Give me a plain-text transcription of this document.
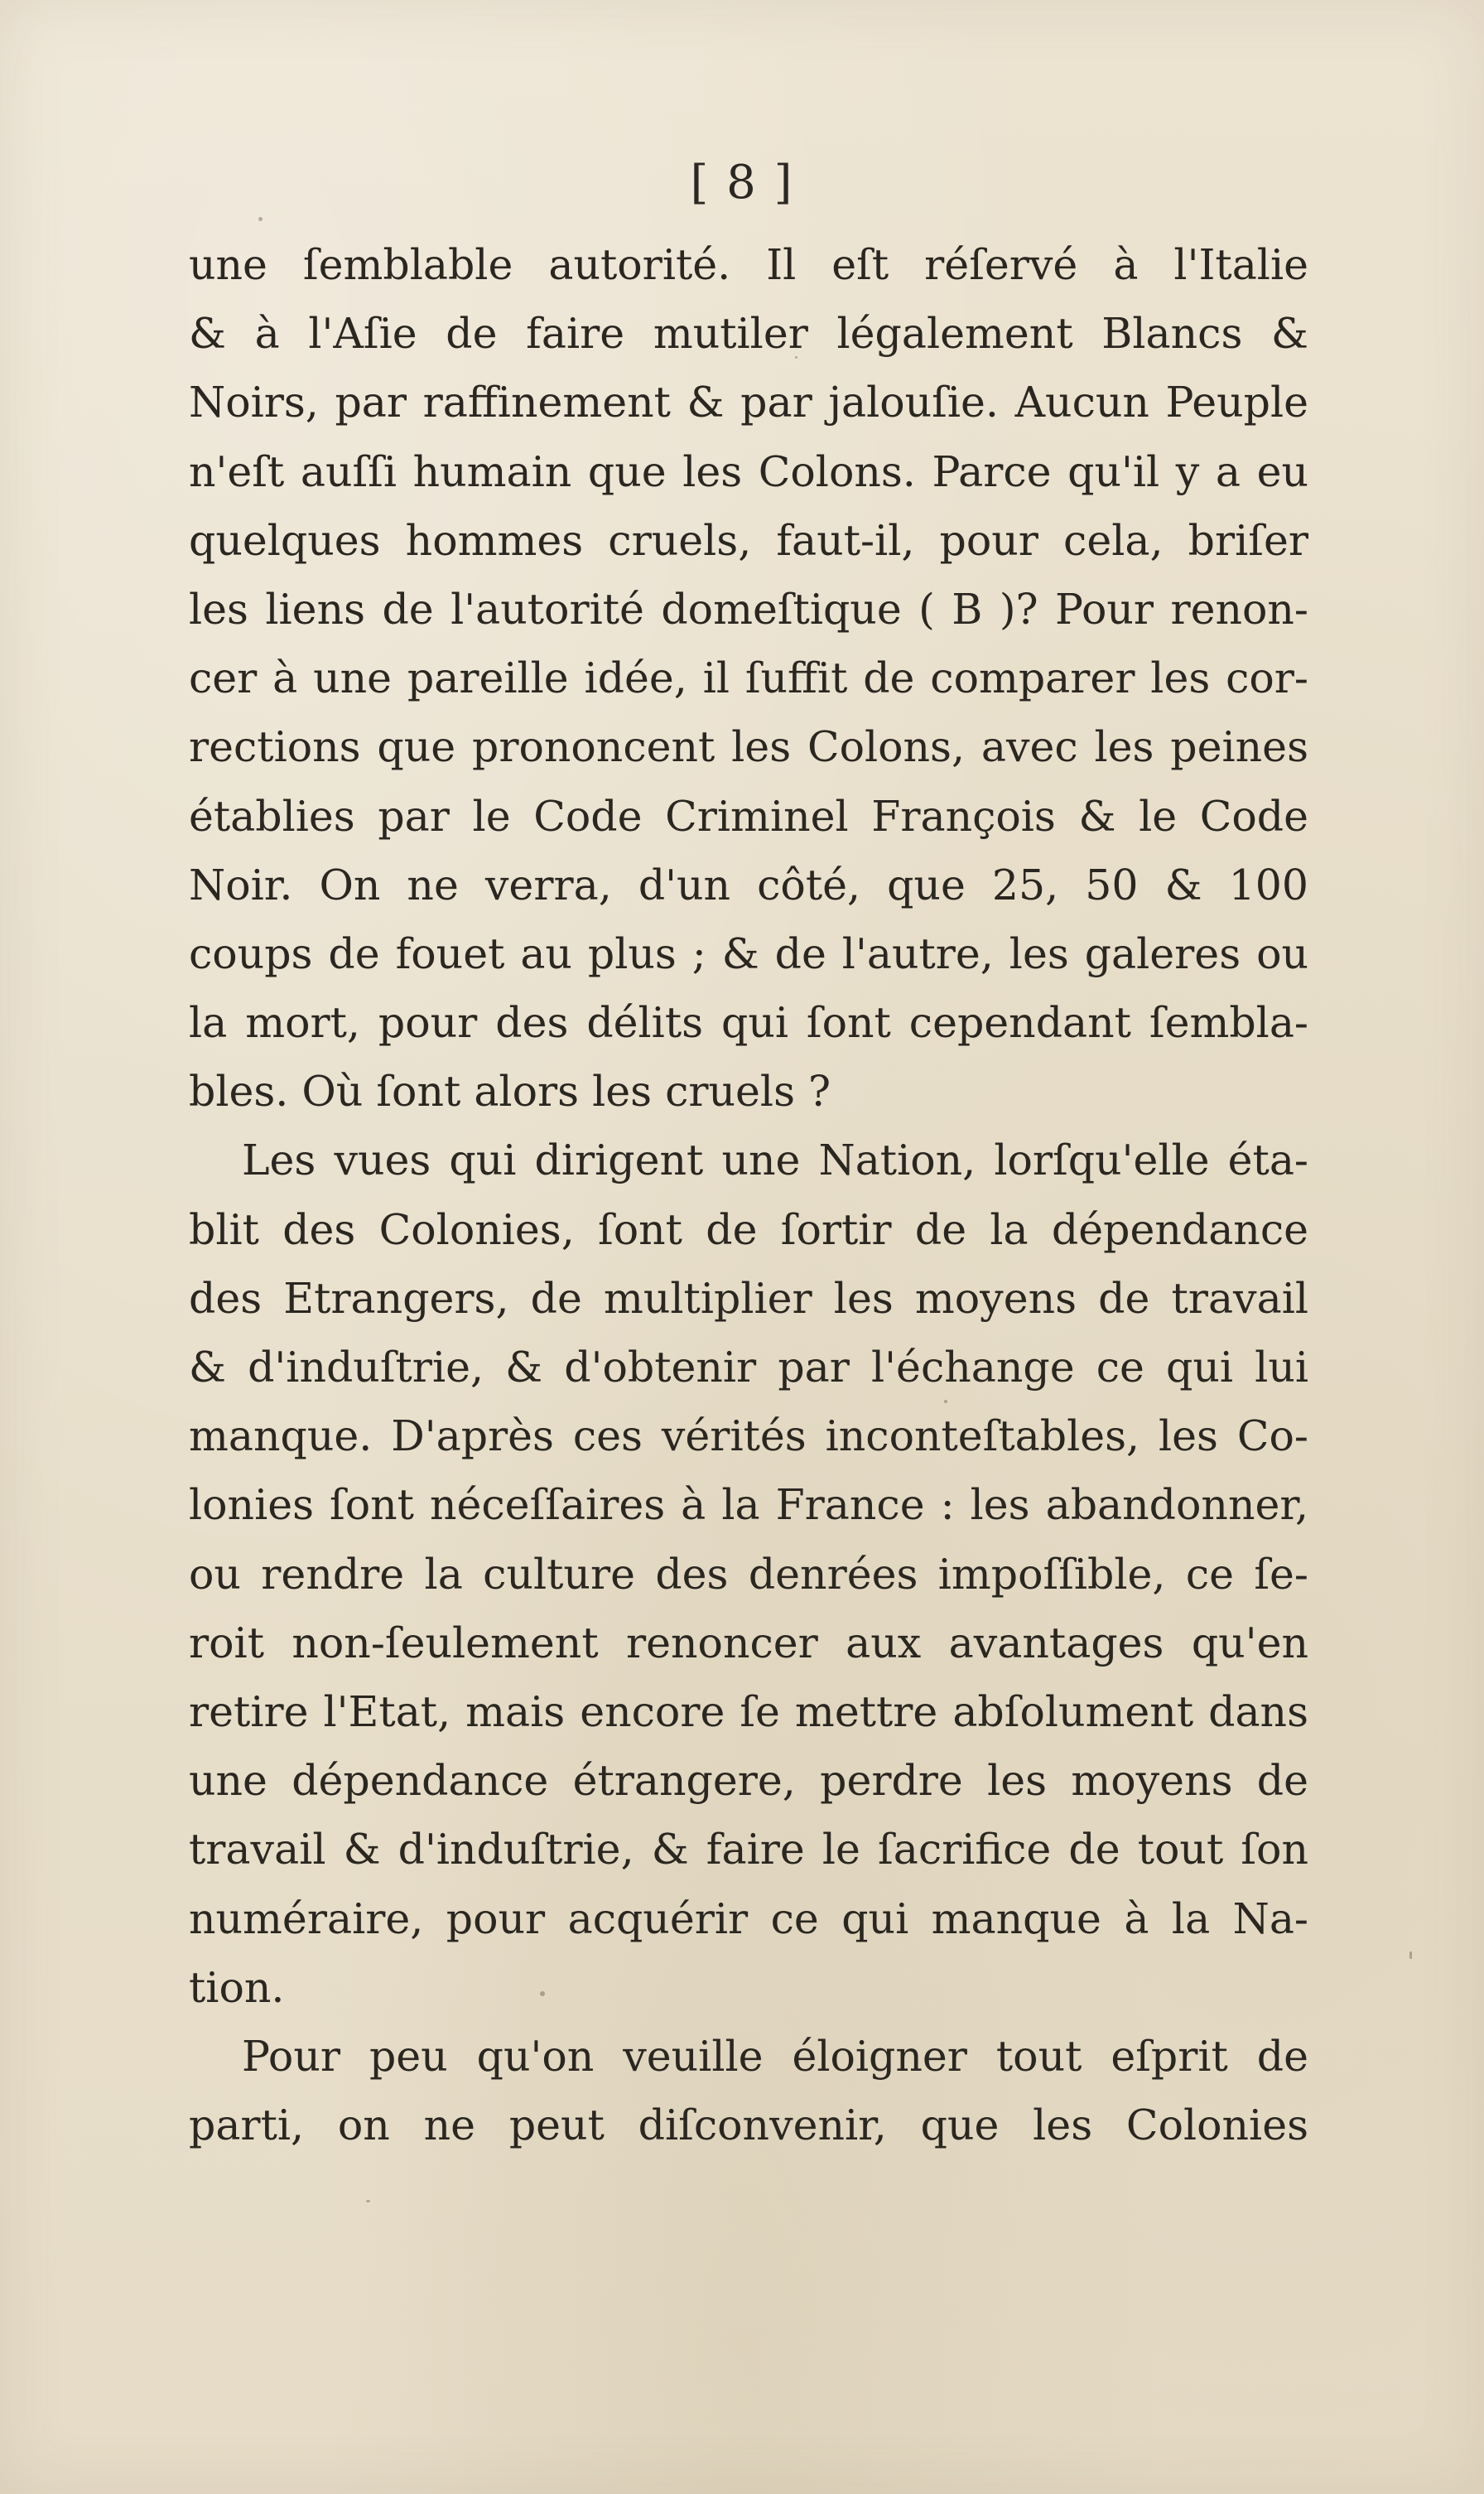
[ 8 ]
une ſemblable autorité. Il eſt réſervé à l'Italie
& à l'Aſie de faire mutiler légalement Blancs &
Noirs, par raffinement & par jalouſie. Aucun Peuple
n'eſt auſſi humain que les Colons. Parce qu'il y a eu
quelques hommes cruels, faut-il, pour cela, briſer
les liens de l'autorité domeſtique ( B )? Pour renon-
cer à une pareille idée, il ſuffit de comparer les cor-
rections que prononcent les Colons, avec les peines
établies par le Code Criminel François & le Code
Noir. On ne verra, d'un côté, que 25, 50 & 100
coups de fouet au plus ; & de l'autre, les galeres ou
la mort, pour des délits qui ſont cependant ſembla-
bles. Où ſont alors les cruels ?
Les vues qui dirigent une Nation, lorſqu'elle éta-
blit des Colonies, ſont de ſortir de la dépendance
des Etrangers, de multiplier les moyens de travail
& d'induſtrie, & d'obtenir par l'échange ce qui lui
manque. D'après ces vérités inconteſtables, les Co-
lonies ſont néceſſaires à la France : les abandonner,
ou rendre la culture des denrées impoſſible, ce ſe-
roit non-ſeulement renoncer aux avantages qu'en
retire l'Etat, mais encore ſe mettre abſolument dans
une dépendance étrangere, perdre les moyens de
travail & d'induſtrie, & faire le ſacrifice de tout ſon
numéraire, pour acquérir ce qui manque à la Na-
tion.
Pour peu qu'on veuille éloigner tout eſprit de
parti, on ne peut diſconvenir, que les Colonies
